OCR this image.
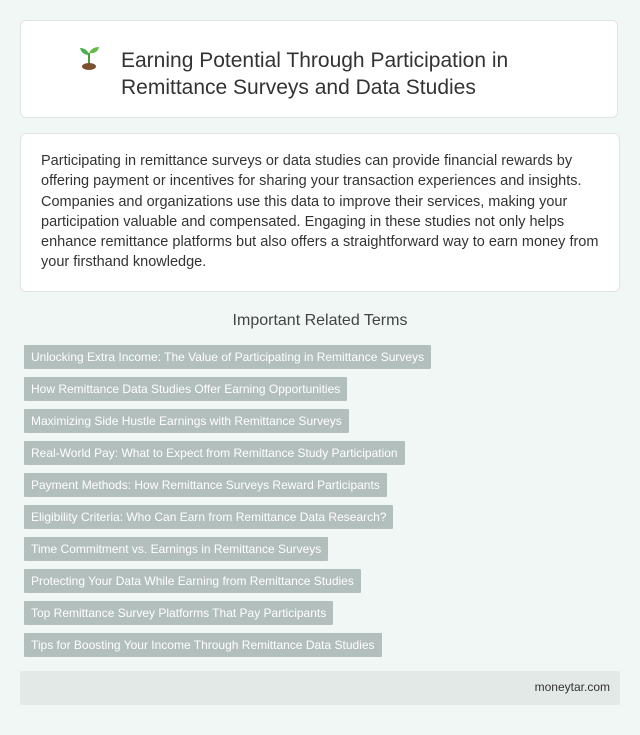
Earning Potential Through Participation in
Remittance Surveys and Data Studies

Participating in remittance surveys or data studies can provide financial rewards by offering payment or incentives for sharing your transaction experiences and insights. Companies and organizations use this data to improve their services, making your participation valuable and compensated. Engaging in these studies not only helps enhance remittance platforms but also offers a straightforward way to earn money from your firsthand knowledge.

Important Related Terms
Unlocking Extra Income: The Value of Participating in Remittance Surveys
How Remittance Data Studies Offer Earning Opportunities
Maximizing Side Hustle Earnings with Remittance Surveys
Real-World Pay: What to Expect from Remittance Study Participation
Payment Methods: How Remittance Surveys Reward Participants
Eligibility Criteria: Who Can Earn from Remittance Data Research?
Time Commitment vs. Earnings in Remittance Surveys
Protecting Your Data While Earning from Remittance Studies
Top Remittance Survey Platforms That Pay Participants
Tips for Boosting Your Income Through Remittance Data Studies
moneytar.com
